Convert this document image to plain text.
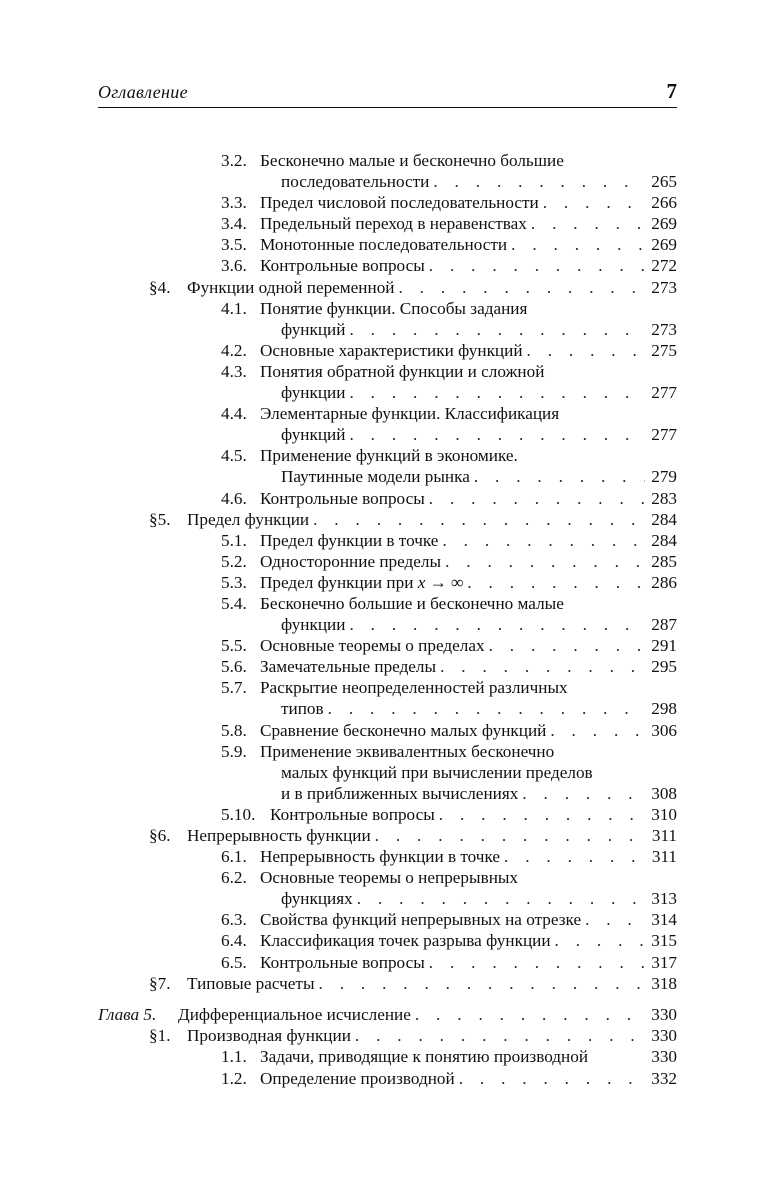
Оглавление	7
3.2. Бесконечно малые и бесконечно большие
последовательности . . .	265
3.3. Предел числовой последовательности . . .	266
3.4. Предельный переход в неравенствах . . .	269
3.5. Монотонные последовательности . . .	269
3.6. Контрольные вопросы . . .	272
§4. Функции одной переменной . . .	273
4.1. Понятие функции. Способы задания
функций . . .	273
4.2. Основные характеристики функций . . .	275
4.3. Понятия обратной функции и сложной
функции . . .	277
4.4. Элементарные функции. Классификация
функций . . .	277
4.5. Применение функций в экономике.
Паутинные модели рынка . . .	279
4.6. Контрольные вопросы . . .	283
§5. Предел функции . . .	284
5.1. Предел функции в точке . . .	284
5.2. Односторонние пределы . . .	285
5.3. Предел функции при
x → ∞ . . .	286
5.4. Бесконечно большие и бесконечно малые
функции . . .	287
5.5. Основные теоремы о пределах . . .	291
5.6. Замечательные пределы . . .	295
5.7. Раскрытие неопределенностей различных
типов . . .	298
5.8. Сравнение бесконечно малых функций . . .	306
5.9. Применение эквивалентных бесконечно
малых функций при вычислении пределов
и в приближенных вычислениях . . .	308
5.10. Контрольные вопросы . . .	310
§6. Непрерывность функции . . .	311
6.1. Непрерывность функции в точке . . .	311
6.2. Основные теоремы о непрерывных
функциях . . .	313
6.3. Свойства функций непрерывных на отрезке . . .	314
6.4. Классификация точек разрыва функции . . .	315
6.5. Контрольные вопросы . . .	317
§7. Типовые расчеты . . .	318
Глава 5. Дифференциальное исчисление . . .	330
§1. Производная функции . . .	330
1.1. Задачи, приводящие к понятию производной	330
1.2. Определение производной . . .	332
